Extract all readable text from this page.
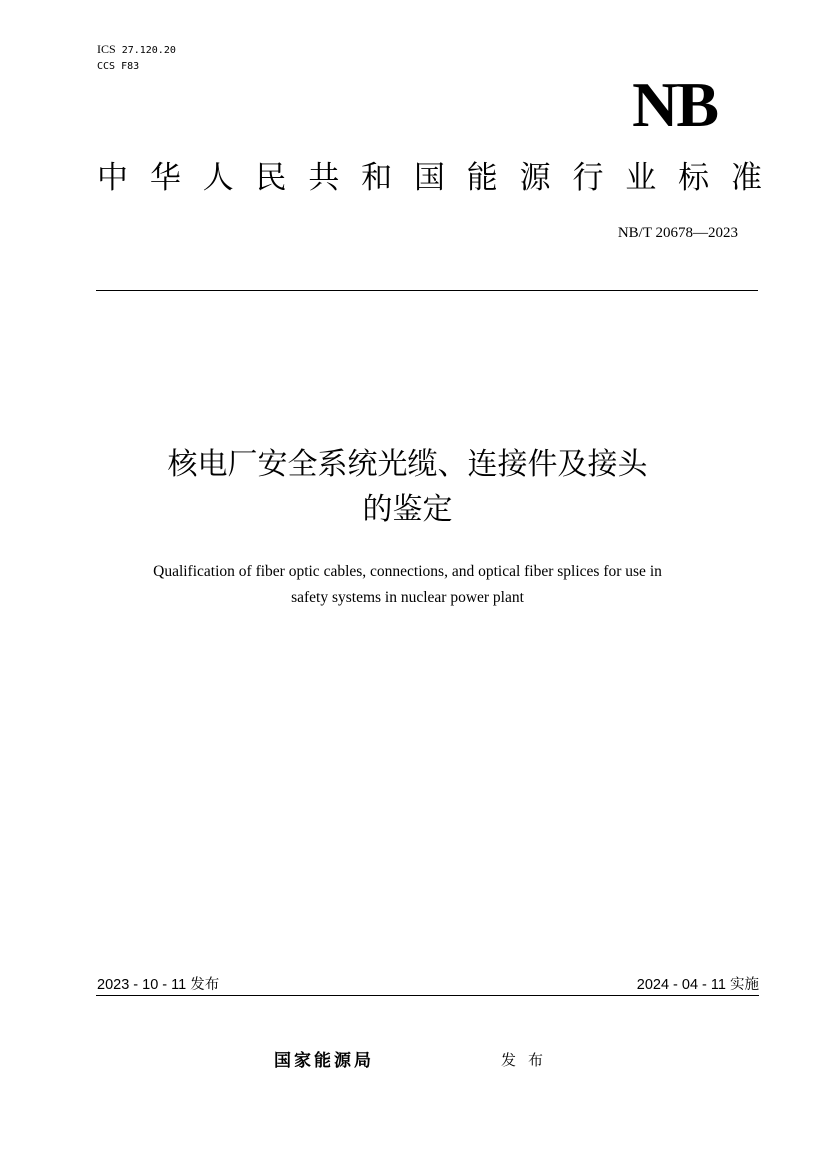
ICS 27.120.20
CCS F83
NB
中 华 人 民 共 和 国 能 源 行 业 标 准
NB/T 20678—2023
核电厂安全系统光缆、连接件及接头
的鉴定
Qualification of fiber optic cables, connections, and optical fiber splices for use in
safety systems in nuclear power plant
2023 - 10 - 11 发布	2024 - 04 - 11 实施
国家能源局	发布
